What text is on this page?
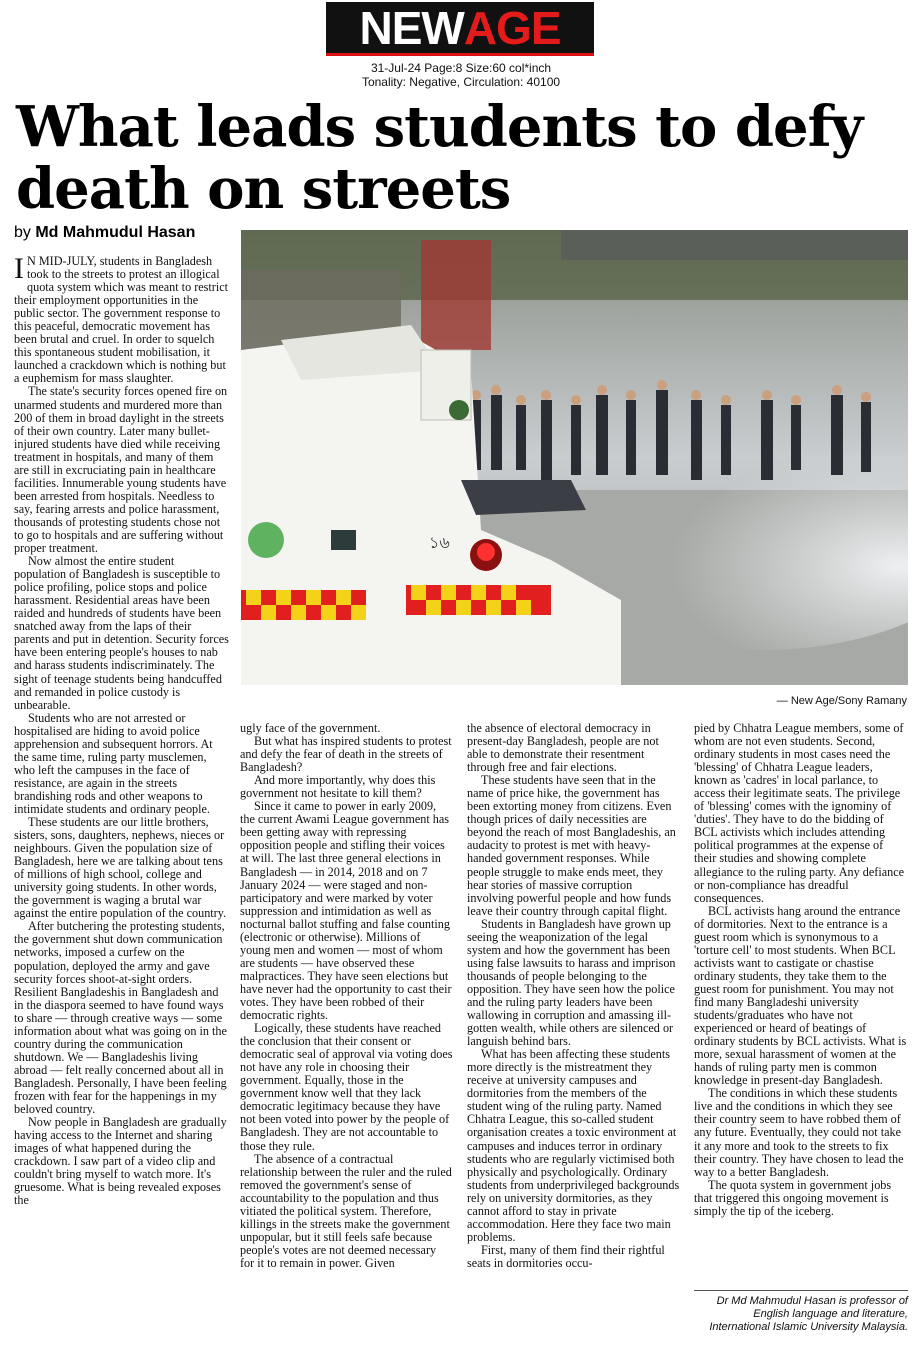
NEW AGE
31-Jul-24 Page:8 Size:60 col*inch
Tonality: Negative, Circulation: 40100
What leads students to defy death on streets
by Md Mahmudul Hasan
১৬
— New Age/Sony Ramany

I N MID-JULY, students in Bangladesh took to the streets to protest an illogical quota system which was meant to restrict their employment opportunities in the public sector. The government response to this peaceful, democratic movement has been brutal and cruel. In order to squelch this spontaneous student mobilisation, it launched a crackdown which is nothing but a euphemism for mass slaughter.

The state's security forces opened fire on unarmed students and murdered more than 200 of them in broad daylight in the streets of their own country. Later many bullet-injured students have died while receiving treatment in hospitals, and many of them are still in excruciating pain in healthcare facilities. Innumerable young students have been arrested from hospitals. Needless to say, fearing arrests and police harassment, thousands of protesting students chose not to go to hospitals and are suffering without proper treatment.

Now almost the entire student population of Bangladesh is susceptible to police profiling, police stops and police harassment. Residential areas have been raided and hundreds of students have been snatched away from the laps of their parents and put in detention. Security forces have been entering people's houses to nab and harass students indiscriminately. The sight of teenage students being handcuffed and remanded in police custody is unbearable.

Students who are not arrested or hospitalised are hiding to avoid police apprehension and subsequent horrors. At the same time, ruling party musclemen, who left the campuses in the face of resistance, are again in the streets brandishing rods and other weapons to intimidate students and ordinary people.

These students are our little brothers, sisters, sons, daughters, nephews, nieces or neighbours. Given the population size of Bangladesh, here we are talking about tens of millions of high school, college and university going students. In other words, the government is waging a brutal war against the entire population of the country.

After butchering the protesting students, the government shut down communication networks, imposed a curfew on the population, deployed the army and gave security forces shoot-at-sight orders. Resilient Bangladeshis in Bangladesh and in the diaspora seemed to have found ways to share — through creative ways — some information about what was going on in the country during the communication shutdown. We — Bangladeshis living abroad — felt really concerned about all in Bangladesh. Personally, I have been feeling frozen with fear for the happenings in my beloved country.

Now people in Bangladesh are gradually having access to the Internet and sharing images of what happened during the crackdown. I saw part of a video clip and couldn't bring myself to watch more. It's gruesome. What is being revealed exposes the

ugly face of the government.

But what has inspired students to protest and defy the fear of death in the streets of Bangladesh?

And more importantly, why does this government not hesitate to kill them?

Since it came to power in early 2009, the current Awami League government has been getting away with repressing opposition people and stifling their voices at will. The last three general elections in Bangladesh — in 2014, 2018 and on 7 January 2024 — were staged and non-participatory and were marked by voter suppression and intimidation as well as nocturnal ballot stuffing and false counting (electronic or otherwise). Millions of young men and women — most of whom are students — have observed these malpractices. They have seen elections but have never had the opportunity to cast their votes. They have been robbed of their democratic rights.

Logically, these students have reached the conclusion that their consent or democratic seal of approval via voting does not have any role in choosing their government. Equally, those in the government know well that they lack democratic legitimacy because they have not been voted into power by the people of Bangladesh. They are not accountable to those they rule.

The absence of a contractual relationship between the ruler and the ruled removed the government's sense of accountability to the population and thus vitiated the political system. Therefore, killings in the streets make the government unpopular, but it still feels safe because people's votes are not deemed necessary for it to remain in power. Given

the absence of electoral democracy in present-day Bangladesh, people are not able to demonstrate their resentment through free and fair elections.

These students have seen that in the name of price hike, the government has been extorting money from citizens. Even though prices of daily necessities are beyond the reach of most Bangladeshis, an audacity to protest is met with heavy-handed government responses. While people struggle to make ends meet, they hear stories of massive corruption involving powerful people and how funds leave their country through capital flight.

Students in Bangladesh have grown up seeing the weaponization of the legal system and how the government has been using false lawsuits to harass and imprison thousands of people belonging to the opposition. They have seen how the police and the ruling party leaders have been wallowing in corruption and amassing ill-gotten wealth, while others are silenced or languish behind bars.

What has been affecting these students more directly is the mistreatment they receive at university campuses and dormitories from the members of the student wing of the ruling party. Named Chhatra League, this so-called student organisation creates a toxic environment at campuses and induces terror in ordinary students who are regularly victimised both physically and psychologically. Ordinary students from underprivileged backgrounds rely on university dormitories, as they cannot afford to stay in private accommodation. Here they face two main problems.

First, many of them find their rightful seats in dormitories occu-

pied by Chhatra League members, some of whom are not even students. Second, ordinary students in most cases need the 'blessing' of Chhatra League leaders, known as 'cadres' in local parlance, to access their legitimate seats. The privilege of 'blessing' comes with the ignominy of 'duties'. They have to do the bidding of BCL activists which includes attending political programmes at the expense of their studies and showing complete allegiance to the ruling party. Any defiance or non-compliance has dreadful consequences.

BCL activists hang around the entrance of dormitories. Next to the entrance is a guest room which is synonymous to a 'torture cell' to most students. When BCL activists want to castigate or chastise ordinary students, they take them to the guest room for punishment. You may not find many Bangladeshi university students/graduates who have not experienced or heard of beatings of ordinary students by BCL activists. What is more, sexual harassment of women at the hands of ruling party men is common knowledge in present-day Bangladesh.

The conditions in which these students live and the conditions in which they see their country seem to have robbed them of any future. Eventually, they could not take it any more and took to the streets to fix their country. They have chosen to lead the way to a better Bangladesh.

The quota system in government jobs that triggered this ongoing movement is simply the tip of the iceberg.

Dr Md Mahmudul Hasan is professor of English language and literature, International Islamic University Malaysia.
